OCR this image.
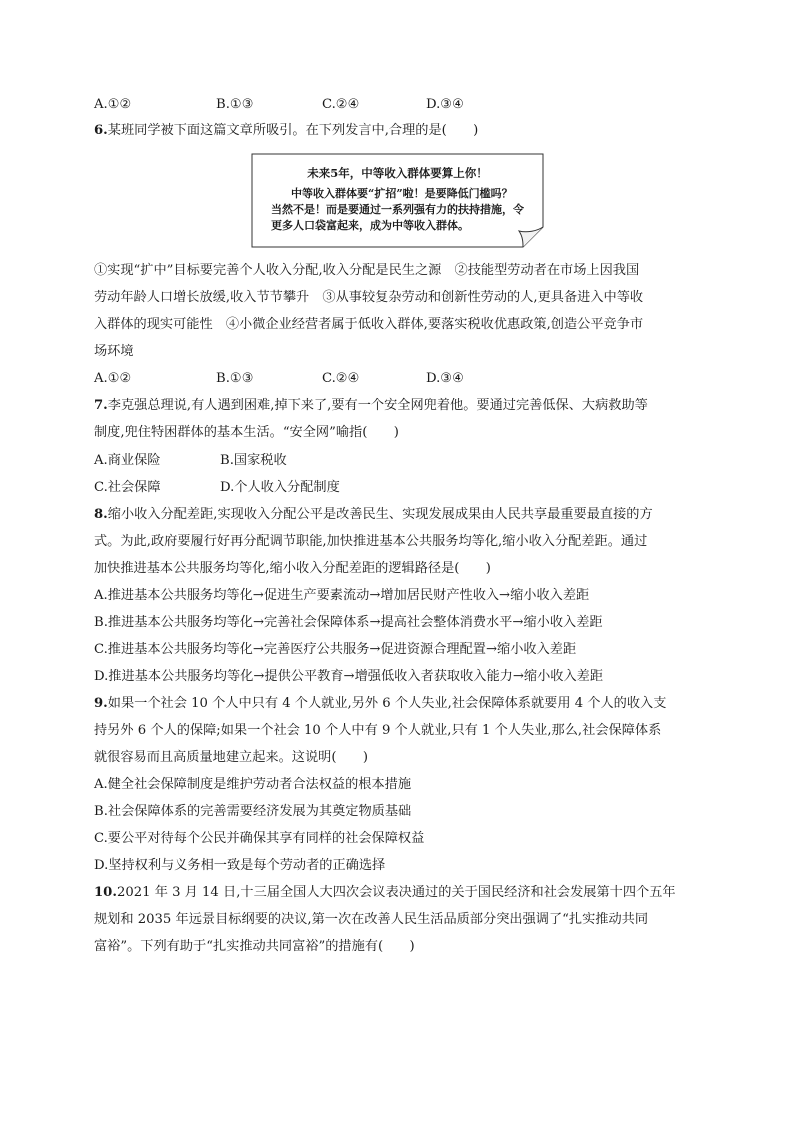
A.①②	B.①③	C.②④	D.③④
6.某班同学被下面这篇文章所吸引。在下列发言中,合理的是(　　)
未来5年，中等收入群体要算上你！
中等收入群体要“扩招”啦！是要降低门槛吗？
当然不是！而是要通过一系列强有力的扶持措施，令
更多人口袋富起来，成为中等收入群体。
①实现“扩中”目标要完善个人收入分配,收入分配是民生之源　②技能型劳动者在市场上因我国
劳动年龄人口增长放缓,收入节节攀升　③从事较复杂劳动和创新性劳动的人,更具备进入中等收
入群体的现实可能性　④小微企业经营者属于低收入群体,要落实税收优惠政策,创造公平竞争市
场环境
A.①②	B.①③	C.②④	D.③④
7.李克强总理说,有人遇到困难,掉下来了,要有一个安全网兜着他。要通过完善低保、大病救助等
制度,兜住特困群体的基本生活。“安全网”喻指(　　)
A.商业保险	B.国家税收
C.社会保障	D.个人收入分配制度
8.缩小收入分配差距,实现收入分配公平是改善民生、实现发展成果由人民共享最重要最直接的方
式。为此,政府要履行好再分配调节职能,加快推进基本公共服务均等化,缩小收入分配差距。通过
加快推进基本公共服务均等化,缩小收入分配差距的逻辑路径是(　　)
A.推进基本公共服务均等化→促进生产要素流动→增加居民财产性收入→缩小收入差距
B.推进基本公共服务均等化→完善社会保障体系→提高社会整体消费水平→缩小收入差距
C.推进基本公共服务均等化→完善医疗公共服务→促进资源合理配置→缩小收入差距
D.推进基本公共服务均等化→提供公平教育→增强低收入者获取收入能力→缩小收入差距
9.如果一个社会 10 个人中只有 4 个人就业,另外 6 个人失业,社会保障体系就要用 4 个人的收入支
持另外 6 个人的保障;如果一个社会 10 个人中有 9 个人就业,只有 1 个人失业,那么,社会保障体系
就很容易而且高质量地建立起来。这说明(　　)
A.健全社会保障制度是维护劳动者合法权益的根本措施
B.社会保障体系的完善需要经济发展为其奠定物质基础
C.要公平对待每个公民并确保其享有同样的社会保障权益
D.坚持权利与义务相一致是每个劳动者的正确选择
10.2021 年 3 月 14 日,十三届全国人大四次会议表决通过的关于国民经济和社会发展第十四个五年
规划和 2035 年远景目标纲要的决议,第一次在改善人民生活品质部分突出强调了“扎实推动共同
富裕”。下列有助于“扎实推动共同富裕”的措施有(　　)
